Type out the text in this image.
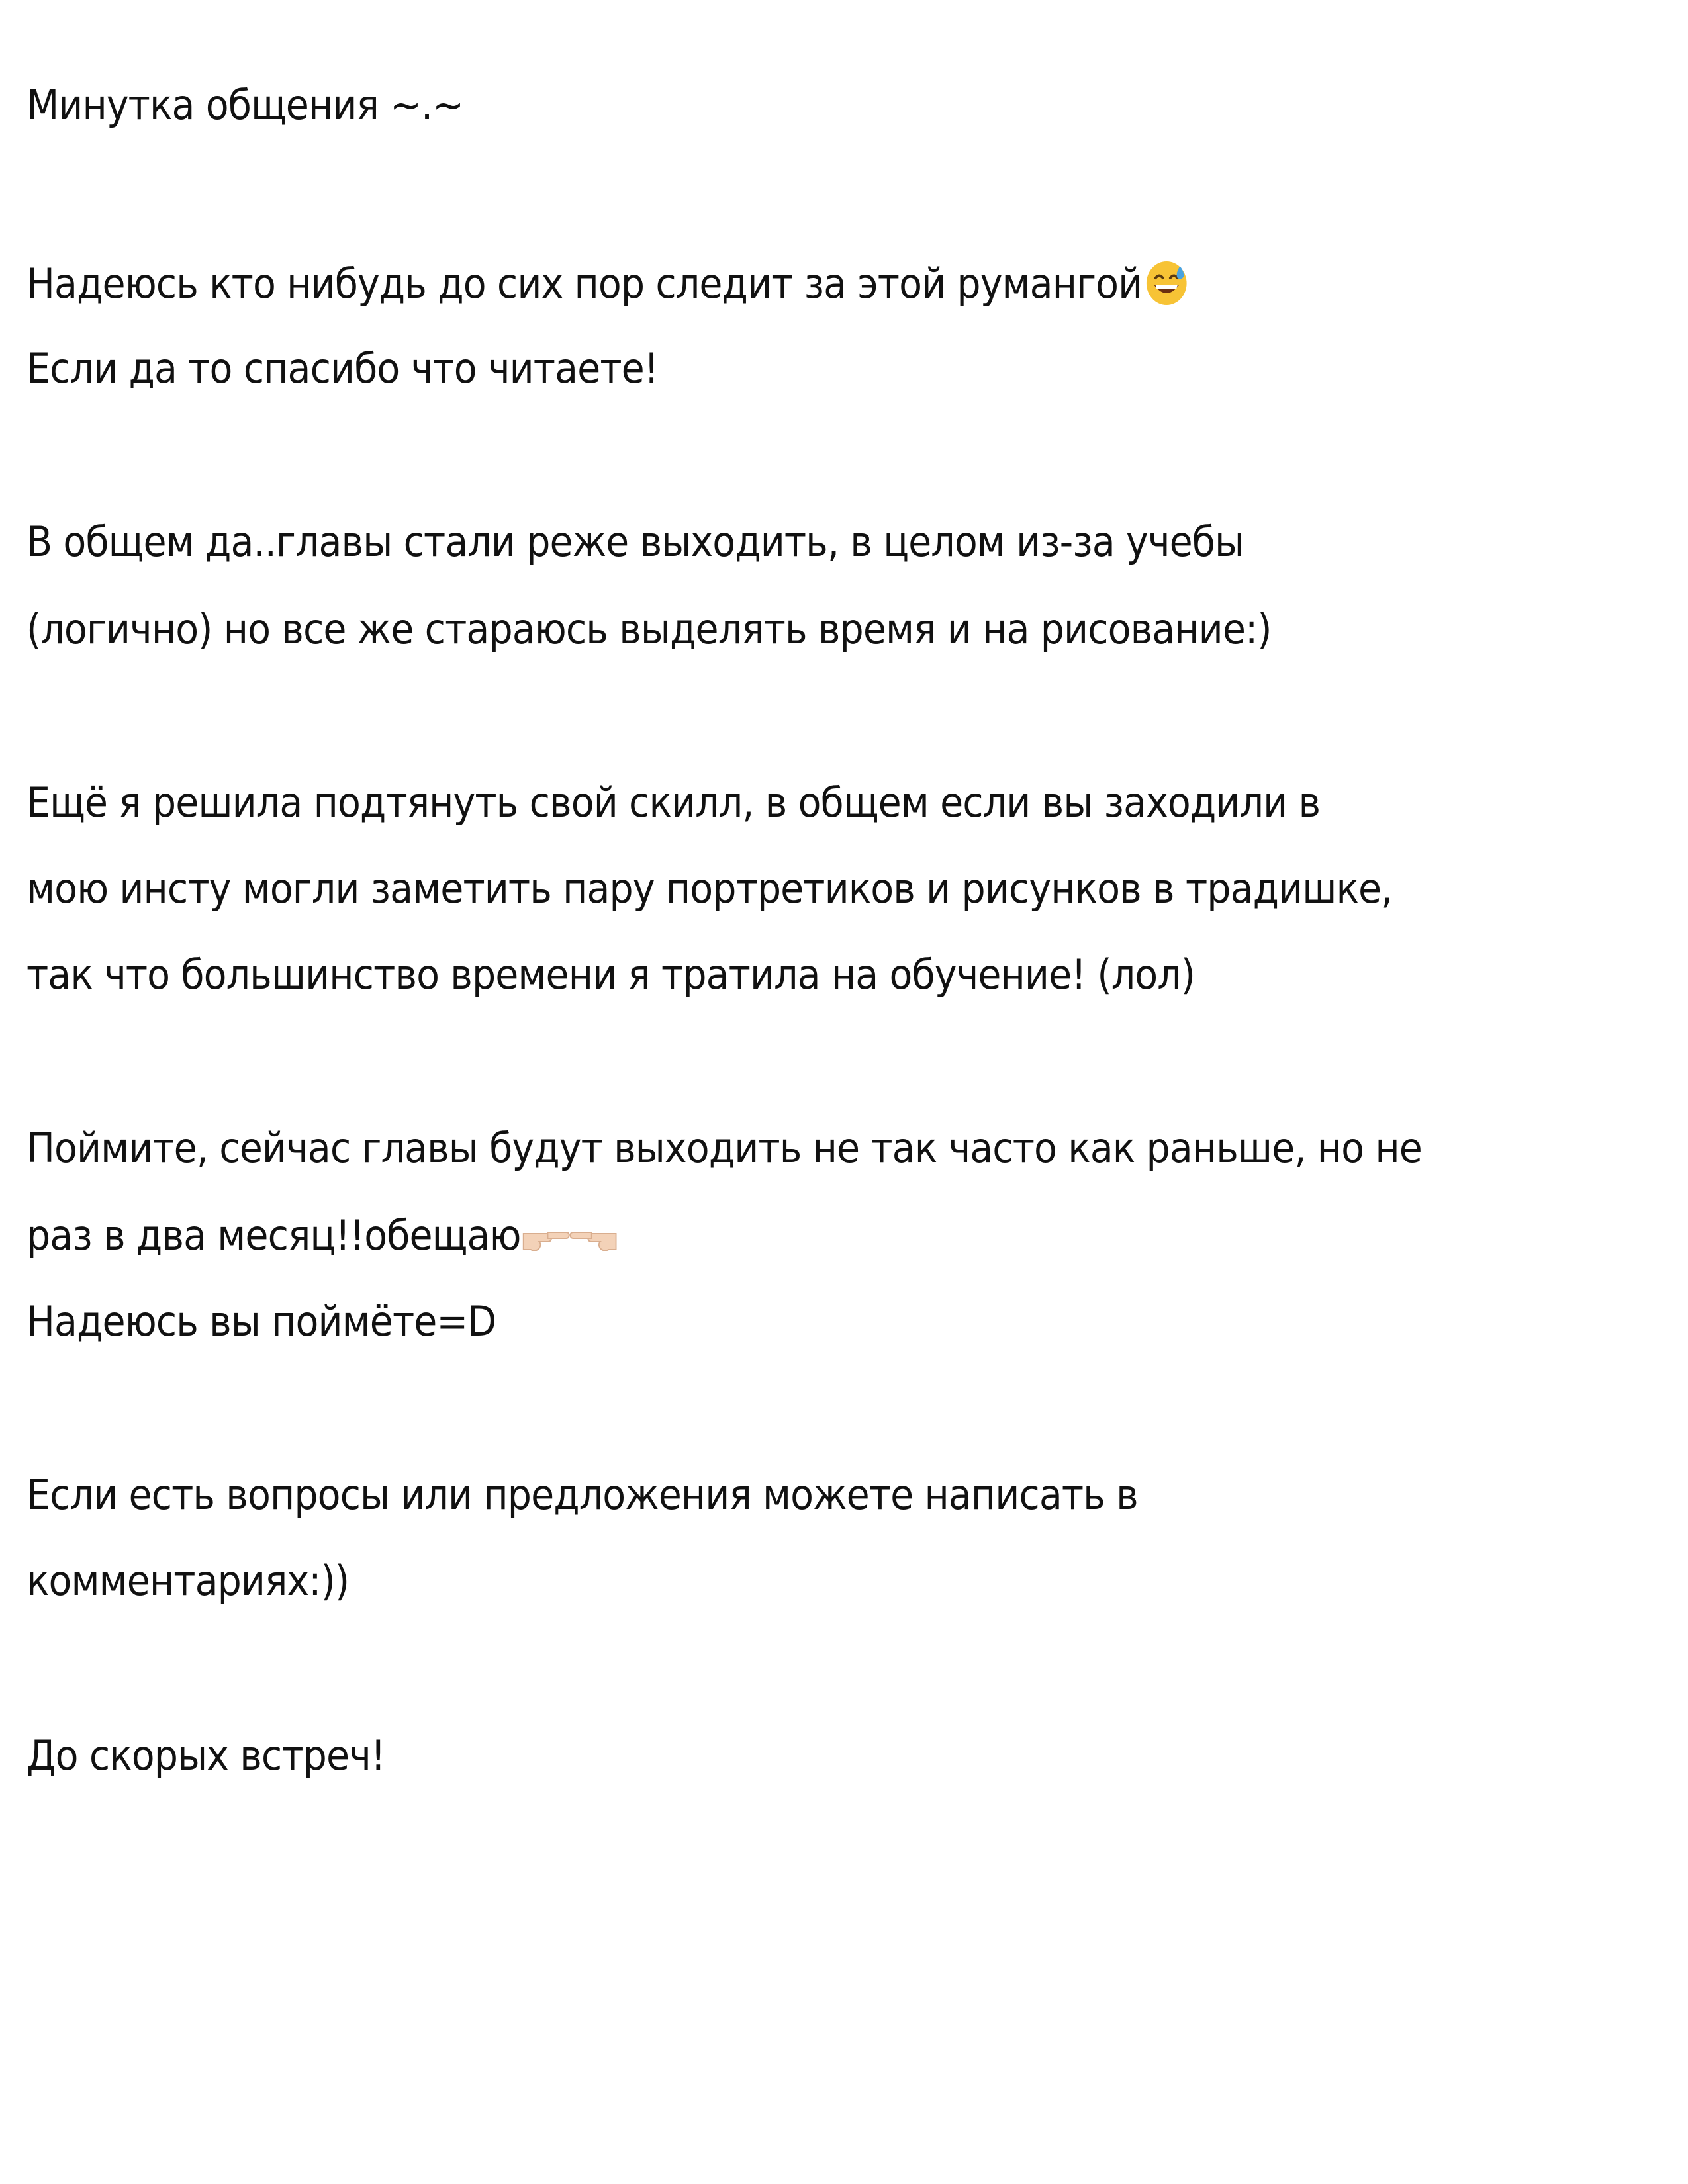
Минутка общения ~.~

Надеюсь кто нибудь до сих пор следит за этой румангой

Если да то спасибо что читаете!

В общем да..главы стали реже выходить, в целом из-за учебы

(логично) но все же стараюсь выделять время и на рисование:)

Ещё я решила подтянуть свой скилл, в общем если вы заходили в

мою инсту могли заметить пару портретиков и рисунков в традишке,

так что большинство времени я тратила на обучение! (лол)

Поймите, сейчас главы будут выходить не так часто как раньше, но не

раз в два месяц!!обещаю

Надеюсь вы поймёте=D

Если есть вопросы или предложения можете написать в

комментариях:))

До скорых встреч!
